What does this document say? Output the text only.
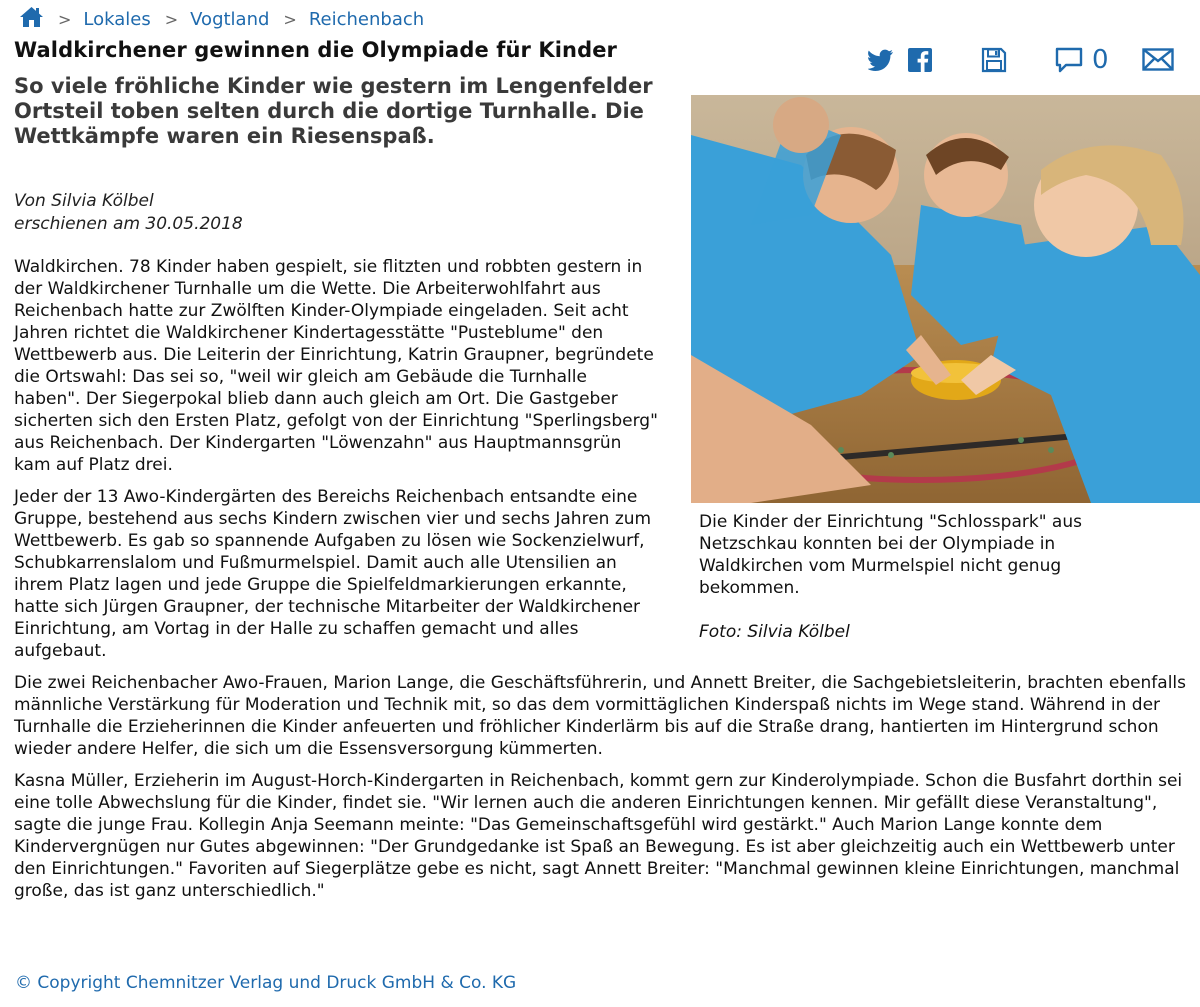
> Lokales > Vogtland > Reichenbach
Waldkirchener gewinnen die Olympiade für Kinder	0

So viele fröhliche Kinder wie gestern im Lengenfelder Ortsteil toben selten durch die dortige Turnhalle. Die Wettkämpfe waren ein Riesenspaß.

Von Silvia Kölbel
erschienen am 30.05.2018
Die Kinder der Einrichtung "Schlosspark" aus Netzschkau konnten bei der Olympiade in Waldkirchen vom Murmelspiel nicht genug bekommen.
Foto: Silvia Kölbel

Waldkirchen. 78 Kinder haben gespielt, sie flitzten und robbten gestern in der Waldkirchener Turnhalle um die Wette. Die Arbeiterwohlfahrt aus Reichenbach hatte zur Zwölften Kinder-Olympiade eingeladen. Seit acht Jahren richtet die Waldkirchener Kindertagesstätte "Pusteblume" den Wettbewerb aus. Die Leiterin der Einrichtung, Katrin Graupner, begründete die Ortswahl: Das sei so, "weil wir gleich am Gebäude die Turnhalle haben". Der Siegerpokal blieb dann auch gleich am Ort. Die Gastgeber sicherten sich den Ersten Platz, gefolgt von der Einrichtung "Sperlingsberg" aus Reichenbach. Der Kindergarten "Löwenzahn" aus Hauptmannsgrün kam auf Platz drei.

Jeder der 13 Awo-Kindergärten des Bereichs Reichenbach entsandte eine Gruppe, bestehend aus sechs Kindern zwischen vier und sechs Jahren zum Wettbewerb. Es gab so spannende Aufgaben zu lösen wie Sockenzielwurf, Schubkarrenslalom und Fußmurmelspiel. Damit auch alle Utensilien an ihrem Platz lagen und jede Gruppe die Spielfeldmarkierungen erkannte, hatte sich Jürgen Graupner, der technische Mitarbeiter der Waldkirchener Einrichtung, am Vortag in der Halle zu schaffen gemacht und alles aufgebaut.

Die zwei Reichenbacher Awo-Frauen, Marion Lange, die Geschäftsführerin, und Annett Breiter, die Sachgebietsleiterin, brachten ebenfalls männliche Verstärkung für Moderation und Technik mit, so das dem vormittäglichen Kinderspaß nichts im Wege stand. Während in der Turnhalle die Erzieherinnen die Kinder anfeuerten und fröhlicher Kinderlärm bis auf die Straße drang, hantierten im Hintergrund schon wieder andere Helfer, die sich um die Essensversorgung kümmerten.

Kasna Müller, Erzieherin im August-Horch-Kindergarten in Reichenbach, kommt gern zur Kinderolympiade. Schon die Busfahrt dorthin sei eine tolle Abwechslung für die Kinder, findet sie. "Wir lernen auch die anderen Einrichtungen kennen. Mir gefällt diese Veranstaltung", sagte die junge Frau. Kollegin Anja Seemann meinte: "Das Gemeinschaftsgefühl wird gestärkt." Auch Marion Lange konnte dem Kindervergnügen nur Gutes abgewinnen: "Der Grundgedanke ist Spaß an Bewegung. Es ist aber gleichzeitig auch ein Wettbewerb unter den Einrichtungen." Favoriten auf Siegerplätze gebe es nicht, sagt Annett Breiter: "Manchmal gewinnen kleine Einrichtungen, manchmal große, das ist ganz unterschiedlich."

© Copyright Chemnitzer Verlag und Druck GmbH & Co. KG
